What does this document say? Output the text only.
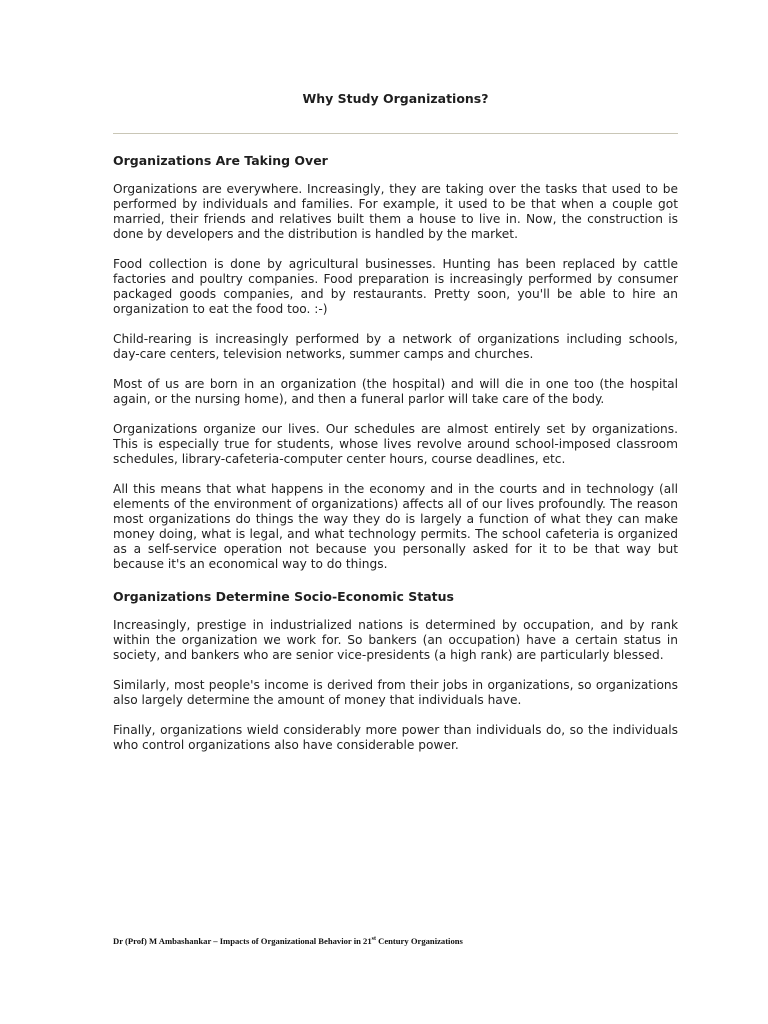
Why Study Organizations?
Organizations Are Taking Over

Organizations are everywhere. Increasingly, they are taking over the tasks that used to be performed by individuals and families. For example, it used to be that when a couple got married, their friends and relatives built them a house to live in. Now, the construction is done by developers and the distribution is handled by the market.

Food collection is done by agricultural businesses. Hunting has been replaced by cattle factories and poultry companies. Food preparation is increasingly performed by consumer packaged goods companies, and by restaurants. Pretty soon, you'll be able to hire an organization to eat the food too. :-)

Child-rearing is increasingly performed by a network of organizations including schools, day-care centers, television networks, summer camps and churches.

Most of us are born in an organization (the hospital) and will die in one too (the hospital again, or the nursing home), and then a funeral parlor will take care of the body.

Organizations organize our lives. Our schedules are almost entirely set by organizations. This is especially true for students, whose lives revolve around school-imposed classroom schedules, library-cafeteria-computer center hours, course deadlines, etc.

All this means that what happens in the economy and in the courts and in technology (all elements of the environment of organizations) affects all of our lives profoundly. The reason most organizations do things the way they do is largely a function of what they can make money doing, what is legal, and what technology permits. The school cafeteria is organized as a self-service operation not because you personally asked for it to be that way but because it's an economical way to do things.

Organizations Determine Socio-Economic Status

Increasingly, prestige in industrialized nations is determined by occupation, and by rank within the organization we work for. So bankers (an occupation) have a certain status in society, and bankers who are senior vice-presidents (a high rank) are particularly blessed.

Similarly, most people's income is derived from their jobs in organizations, so organizations also largely determine the amount of money that individuals have.

Finally, organizations wield considerably more power than individuals do, so the individuals who control organizations also have considerable power.

Dr (Prof) M Ambashankar – Impacts of Organizational Behavior in 21st Century Organizations
